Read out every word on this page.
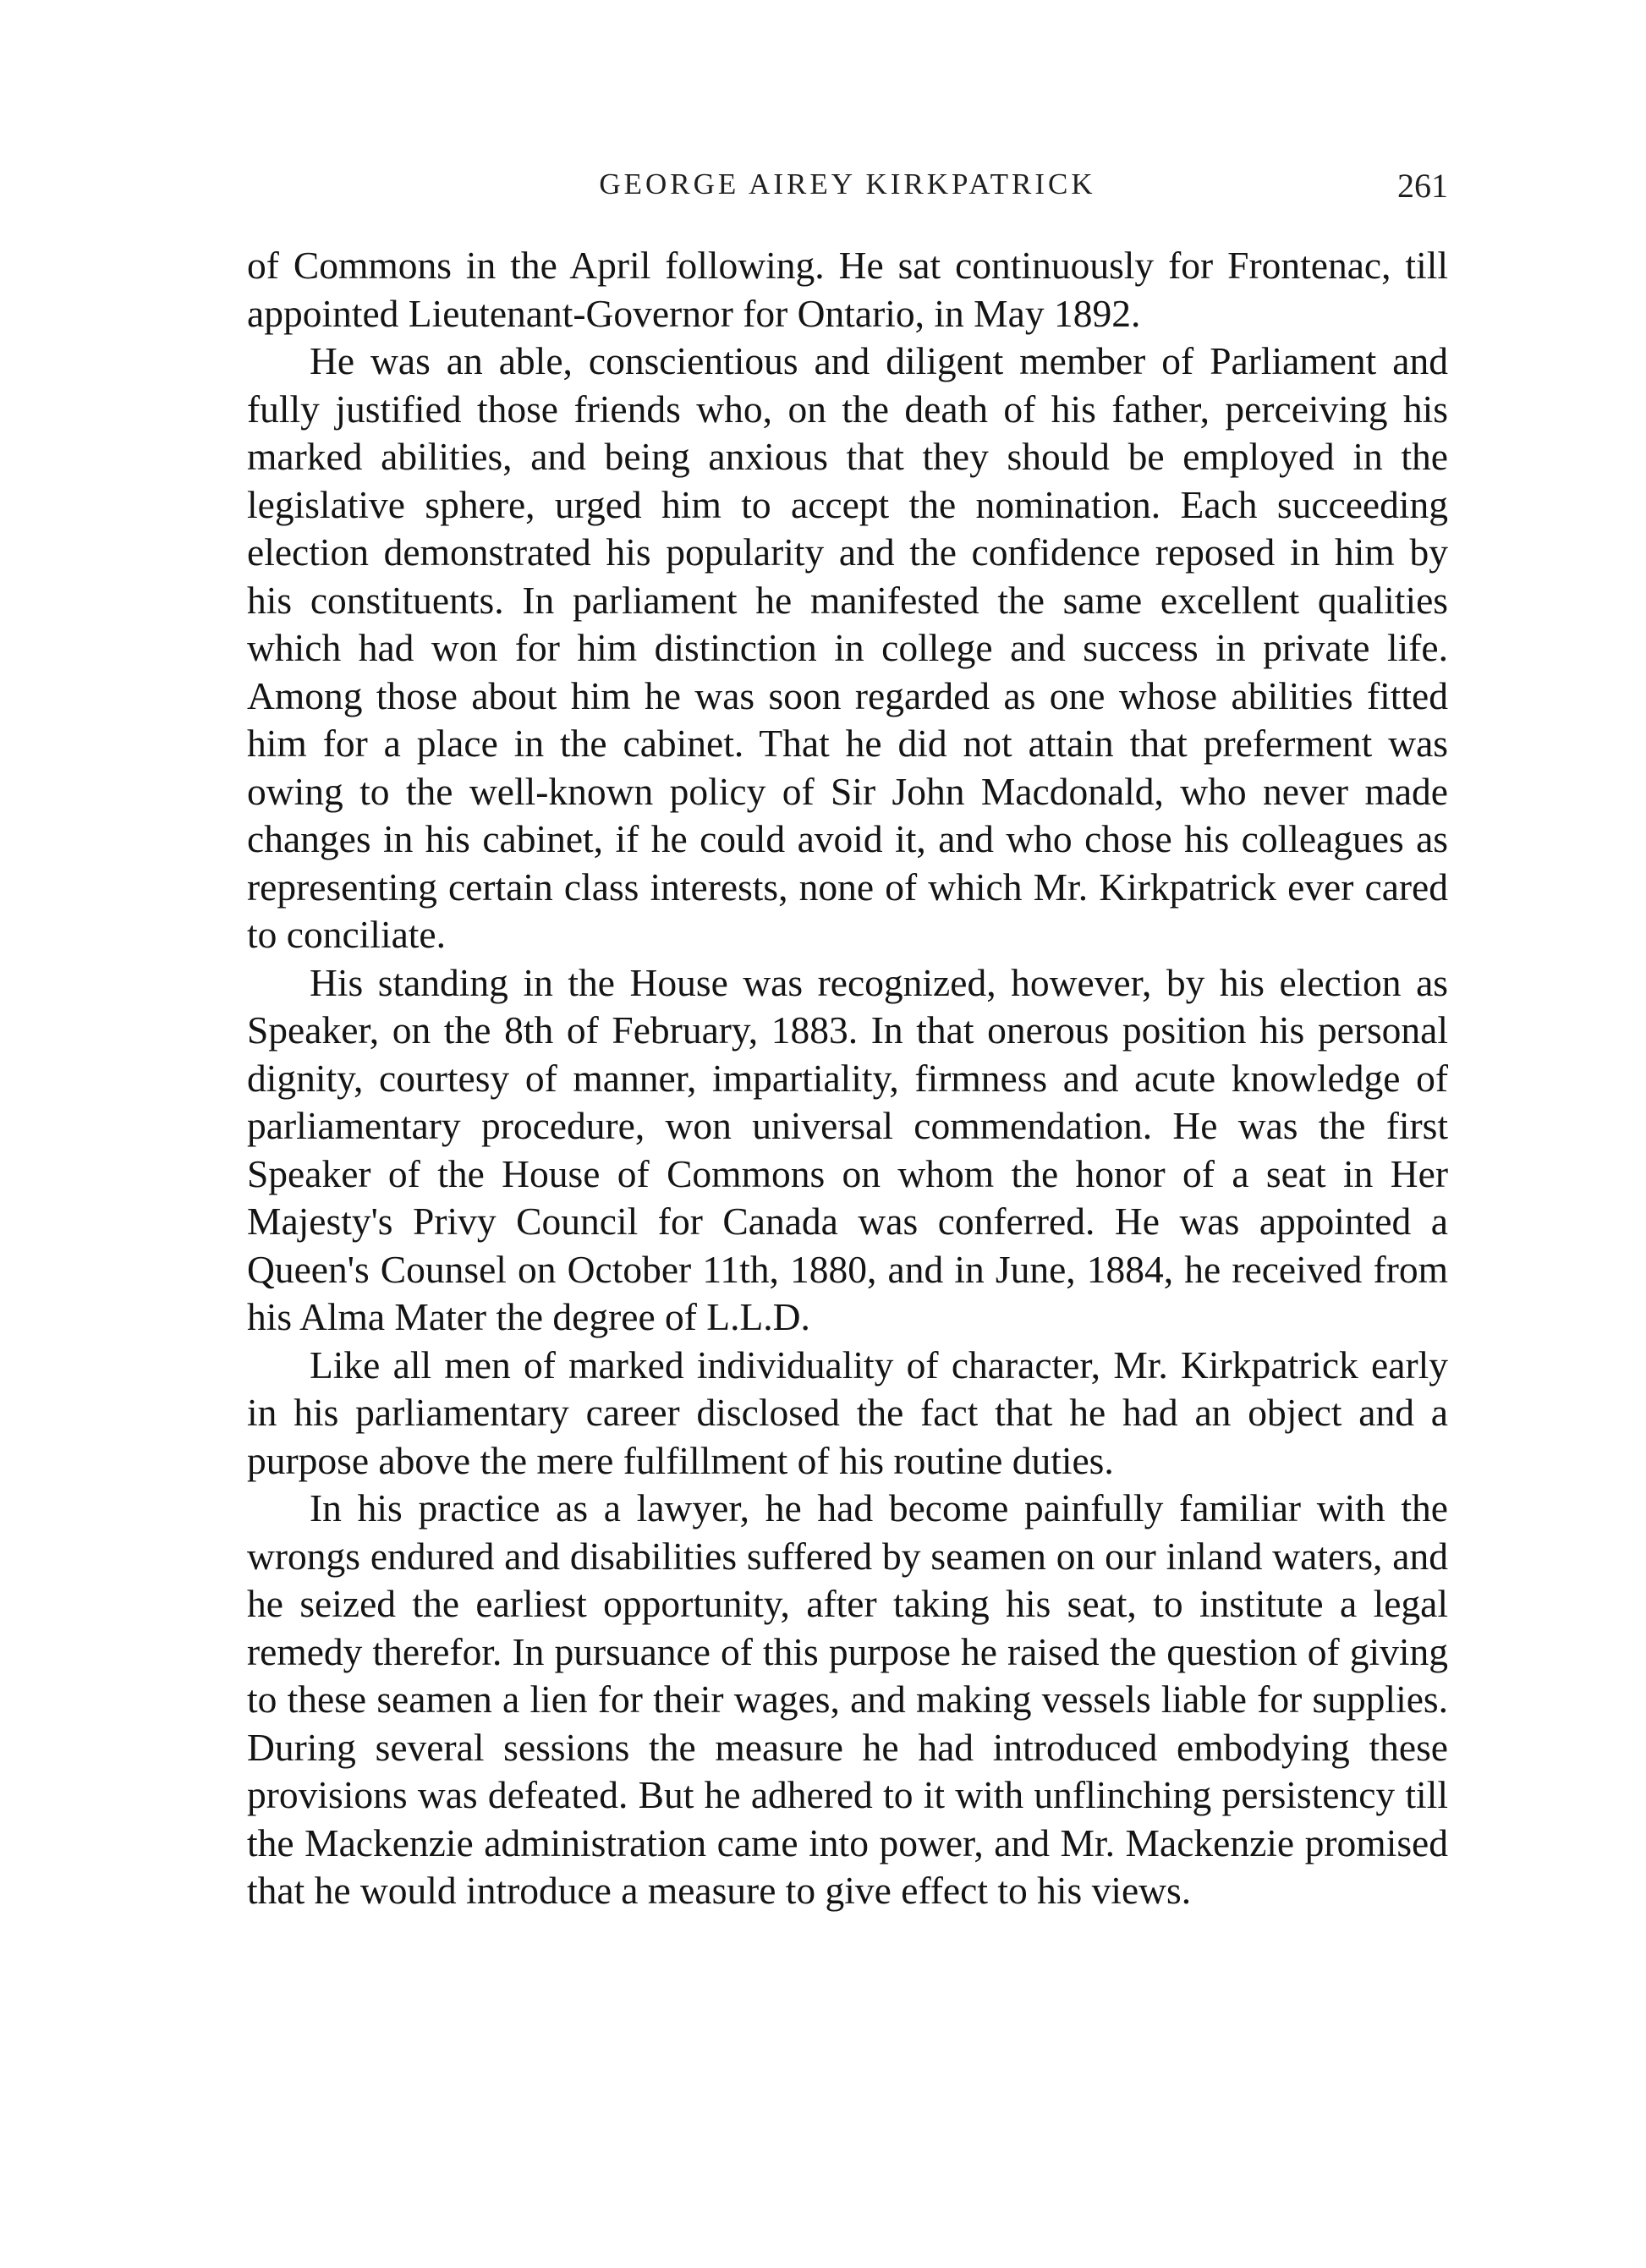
GEORGE AIREY KIRKPATRICK	261

of Commons in the April following. He sat continuously for Frontenac, till appointed Lieutenant-Governor for Ontario, in May 1892.

He was an able, conscientious and diligent member of Parliament and fully justified those friends who, on the death of his father, perceiving his marked abilities, and being anxious that they should be employed in the legislative sphere, urged him to accept the nomination. Each succeeding election demonstrated his popularity and the confidence reposed in him by his constituents. In parliament he manifested the same excellent qualities which had won for him distinction in college and success in private life. Among those about him he was soon regarded as one whose abilities fitted him for a place in the cabinet. That he did not attain that preferment was owing to the well-known policy of Sir John Macdonald, who never made changes in his cabinet, if he could avoid it, and who chose his colleagues as representing certain class interests, none of which Mr. Kirkpatrick ever cared to conciliate.

His standing in the House was recognized, however, by his election as Speaker, on the 8th of February, 1883. In that onerous position his personal dignity, courtesy of manner, impartiality, firmness and acute knowledge of parliamentary procedure, won universal commendation. He was the first Speaker of the House of Commons on whom the honor of a seat in Her Majesty's Privy Council for Canada was conferred. He was appointed a Queen's Counsel on October 11th, 1880, and in June, 1884, he received from his Alma Mater the degree of L.L.D.

Like all men of marked individuality of character, Mr. Kirkpatrick early in his parliamentary career disclosed the fact that he had an object and a purpose above the mere fulfillment of his routine duties.

In his practice as a lawyer, he had become painfully familiar with the wrongs endured and disabilities suffered by seamen on our inland waters, and he seized the earliest opportunity, after taking his seat, to institute a legal remedy therefor. In pursuance of this purpose he raised the question of giving to these seamen a lien for their wages, and making vessels liable for supplies. During several sessions the measure he had introduced embodying these provisions was defeated. But he adhered to it with unflinching persistency till the Mackenzie administration came into power, and Mr. Mackenzie promised that he would introduce a measure to give effect to his views.
